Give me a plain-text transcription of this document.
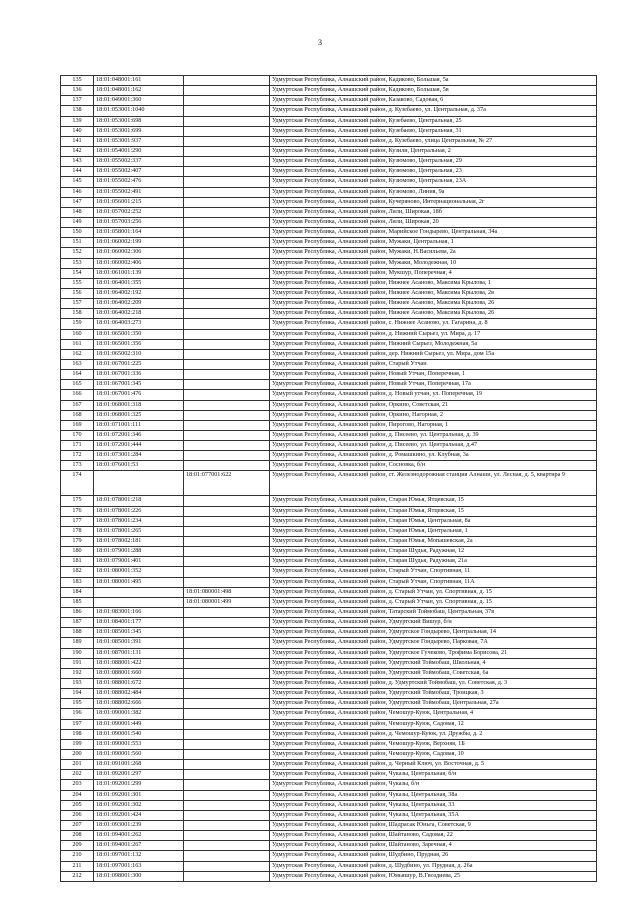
3
135	18:01:048001:161		Удмуртская Республика, Алнашский район, Кадиково, Большая, 5а
136	18:01:048001:162		Удмуртская Республика, Алнашский район, Кадиково, Большая, 5в
137	18:01:049001:360		Удмуртская Республика, Алнашский район, Казаково, Садовая, 6
138	18:01:053001:1040		Удмуртская Республика, Алнашский район, д. Кузебаево, ул. Центральная, д. 37а
139	18:01:053001:698		Удмуртская Республика, Алнашский район, Кузебаево, Центральная, 25
140	18:01:053001:699		Удмуртская Республика, Алнашский район, Кузебаево, Центральная, 31
141	18:01:053001:937		Удмуртская Республика, Алнашский район, д. Кузебаево, улица Центральная, № 27
142	18:01:054001:290		Удмуртская Республика, Алнашский район, Кузили, Центральная, 2
143	18:01:055002:337		Удмуртская Республика, Алнашский район, Кузюмово, Центральная, 29
144	18:01:055002:407		Удмуртская Республика, Алнашский район, Кузюмово, Центральная, 23
145	18:01:055002:476		Удмуртская Республика, Алнашский район, Кузюмово, Центральная, 23А
146	18:01:055002:491		Удмуртская Республика, Алнашский район, Кузюмово, Линия, 9а
147	18:01:056001:215		Удмуртская Республика, Алнашский район, Кучеряново, Интернациональная, 2г
148	18:01:057002:252		Удмуртская Республика, Алнашский район, Ляли, Широкая, 18б
149	18:01:057003:256		Удмуртская Республика, Алнашский район, Ляли, Широкая, 20
150	18:01:058001:164		Удмуртская Республика, Алнашский район, Марийское Гондырево, Центральная, 34а
151	18:01:060002:199		Удмуртская Республика, Алнашский район, Мужаки, Центральная, 1
152	18:01:060002:306		Удмуртская Республика, Алнашский район, Мужаки, Н.Васильева, 2а
153	18:01:060002:406		Удмуртская Республика, Алнашский район, Мужаки, Молодежная, 10
154	18:01:061001:139		Удмуртская Республика, Алнашский район, Мукшур, Поперечная, 4
155	18:01:064001:355		Удмуртская Республика, Алнашский район, Нижнее Асаново, Максима Крылова, 1
156	18:01:064002:192		Удмуртская Республика, Алнашский район, Нижнее Асаново, Максима Крылова, 2в
157	18:01:064002:209		Удмуртская Республика, Алнашский район, Нижнее Асаново, Максима Крылова, 26
158	18:01:064002:218		Удмуртская Республика, Алнашский район, Нижнее Асаново, Максима Крылова, 26
159	18:01:064003:273		Удмуртская Республика, Алнашский район, с. Нижнее Асаново, ул. Гагарина, д. 8
160	18:01:065001:350		Удмуртская Республика, Алнашский район, д. Нижний Сырьез, ул. Мира, д. 17
161	18:01:065001:356		Удмуртская Республика, Алнашский район, Нижний Сырьез, Молодежная, 5а
162	18:01:065002:310		Удмуртская Республика, Алнашский район, дер. Нижний Сырьез, ул. Мира, дом 15а
163	18:01:067001:225		Удмуртская Республика, Алнашский район, Старый Утчан
164	18:01:067001:336		Удмуртская Республика, Алнашский район, Новый Утчан, Поперечная, 1
165	18:01:067001:345		Удмуртская Республика, Алнашский район, Новый Утчан, Поперечная, 17а
166	18:01:067001:476		Удмуртская Республика, Алнашский район, д. Новый утчан, ул. Поперечная, 19
167	18:01:068001:318		Удмуртская Республика, Алнашский район, Оркино, Советская, 21
168	18:01:068001:325		Удмуртская Республика, Алнашский район, Оркино, Нагорная, 2
169	18:01:071001:111		Удмуртская Республика, Алнашский район, Пирогово, Нагорная, 1
170	18:01:072001:346		Удмуртская Республика, Алнашский район, д. Писеево, ул. Центральная, д. 39
171	18:01:072001:444		Удмуртская Республика, Алнашский район, д. Писеево, ул. Центральная, д.47
172	18:01:073001:284		Удмуртская Республика, Алнашский район, д. Ромашкино, ул. Клубная, 3а
173	18:01:076001:53		Удмуртская Республика, Алнашский район, Сосновка, б/н
174		18:01:077001:622	Удмуртская Республика, Алнашский район, ст. Железнодорожная станция Алнаши, ул. Лесная, д. 5, квартира 9
175	18:01:078001:218		Удмуртская Республика, Алнашский район, Старая Юмья, Ятцевская, 15
176	18:01:078001:226		Удмуртская Республика, Алнашский район, Старая Юмья, Ятцевская, 15
177	18:01:078001:234		Удмуртская Республика, Алнашский район, Старая Юмья, Центральная, 8а
178	18:01:078001:265		Удмуртская Республика, Алнашский район, Старая Юмья, Центральная, 1
179	18:01:078002:181		Удмуртская Республика, Алнашский район, Старая Юмья, Мопашевская, 2а
180	18:01:079001:288		Удмуртская Республика, Алнашский район, Старая Шудья, Радужная, 12
181	18:01:079001:401		Удмуртская Республика, Алнашский район, Старая Шудья, Радужная, 21а
182	18:01:080001:352		Удмуртская Республика, Алнашский район, Старый Утчан, Спортивная, 11
183	18:01:080001:495		Удмуртская Республика, Алнашский район, Старый Утчан, Спортивная, 11А
184		18:01:080001:498	Удмуртская Республика, Алнашский район, д. Старый Утчан, ул. Спортивная, д. 15
185		18:01:080001:499	Удмуртская Республика, Алнашский район, д. Старый Утчан, ул. Спортивная, д. 15
186	18:01:083001:166		Удмуртская Республика, Алнашский район, Татарский Тоймобаш, Центральная, 37в
187	18:01:084001:177		Удмуртская Республика, Алнашский район, Удмуртский Вишур, б/н
188	18:01:085001:345		Удмуртская Республика, Алнашский район, Удмуртское Гондырево, Центральная, 14
189	18:01:085001:391		Удмуртская Республика, Алнашский район, Удмуртское Гондырево, Парковая, 7А
190	18:01:087001:131		Удмуртская Республика, Алнашский район, Удмуртское Гучеково, Трофима Борисова, 21
191	18:01:088001:422		Удмуртская Республика, Алнашский район, Удмуртский Тоймобаш, Школьная, 4
192	18:01:088001:660		Удмуртская Республика, Алнашский район, Удмуртский Тоймобаш, Советская, 6а
193	18:01:088001:672		Удмуртская Республика, Алнашский район, д. Удмуртский Тоймобаш, ул. Советская, д. 3
194	18:01:088002:484		Удмуртская Республика, Алнашский район, Удмуртский Тоймобаш, Троицкая, 3
195	18:01:088002:666		Удмуртская Республика, Алнашский район, Удмуртский Тоймобаш, Центральная, 27а
196	18:01:090001:382		Удмуртская Республика, Алнашский район, Чемошур-Куюк, Центральная, 4
197	18:01:090001:449		Удмуртская Республика, Алнашский район, Чемошур-Куюк, Садовая, 12
198	18:01:090001:540		Удмуртская Республика, Алнашский район, д. Чемошур-Куюк, ул. Дружбы, д. 2
199	18:01:090001:553		Удмуртская Республика, Алнашский район, Чемошур-Куюк, Верхняя, 1Б
200	18:01:090001:560		Удмуртская Республика, Алнашский район, Чемошур-Куюк, Садовая, 10
201	18:01:091001:268		Удмуртская Республика, Алнашский район, д. Черный Ключ, ул. Восточная, д. 5
202	18:01:092001:297		Удмуртская Республика, Алнашский район, Чуказы, Центральная, б/н
203	18:01:092001:299		Удмуртская Республика, Алнашский район, Чуказы, б/н
204	18:01:092001:301		Удмуртская Республика, Алнашский район, Чуказы, Центральная, 38а
205	18:01:092001:302		Удмуртская Республика, Алнашский район, Чуказы, Центральная, 33
206	18:01:092001:424		Удмуртская Республика, Алнашский район, Чуказы, Центральная, 35А
207	18:01:093001:239		Удмуртская Республика, Алнашский район, Шадрасак Юньга, Советская, 9
208	18:01:094001:262		Удмуртская Республика, Алнашский район, Шайтаново, Садовая, 22
209	18:01:094001:267		Удмуртская Республика, Алнашский район, Шайтаново, Заречная, 4
210	18:01:097001:132		Удмуртская Республика, Алнашский район, Шудбино, Прудная, 26
211	18:01:097001:163		Удмуртская Республика, Алнашский район, д. Шудбино, ул. Прудная, д. 26а
212	18:01:098001:300		Удмуртская Республика, Алнашский район, Юмьяшур, В.Гвоздиева, 25
